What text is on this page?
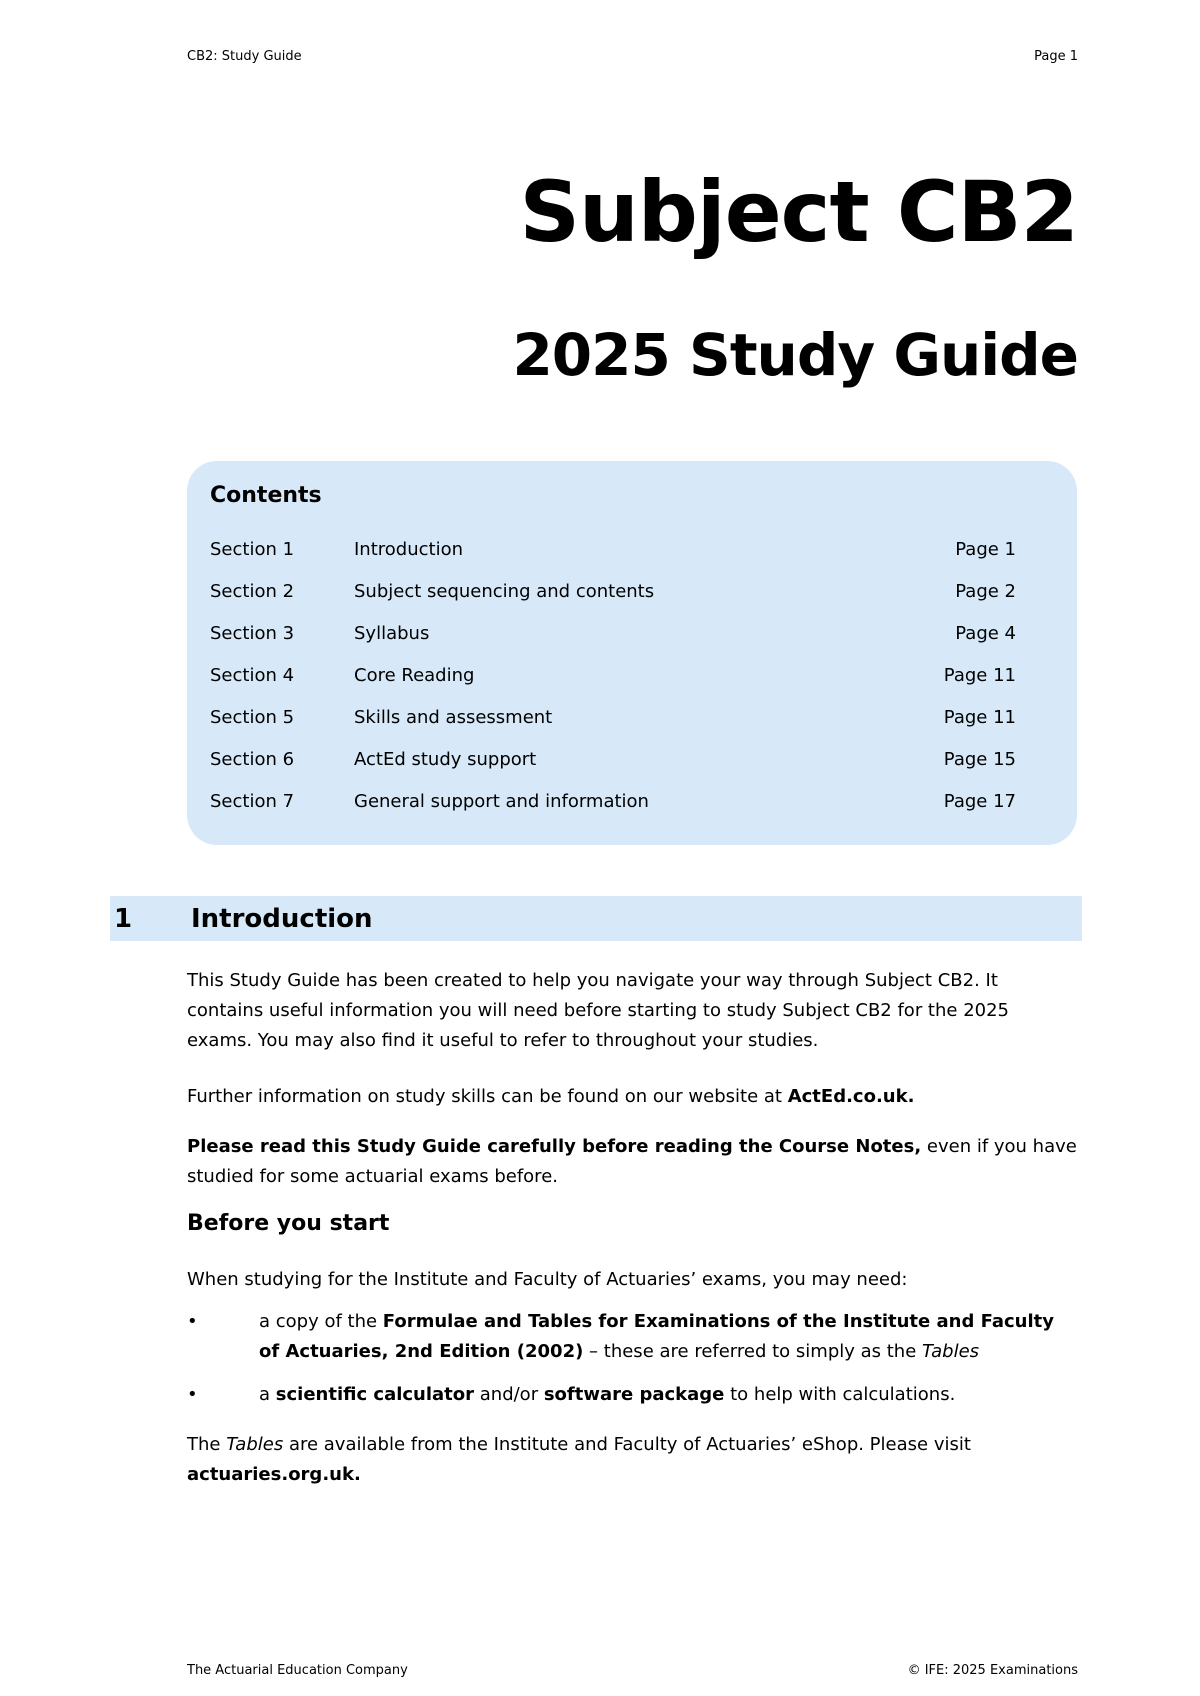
CB2: Study Guide	Page 1
Subject CB2
2025 Study Guide
Contents
Section 1	Introduction	Page 1
Section 2	Subject sequencing and contents	Page 2
Section 3	Syllabus	Page 4
Section 4	Core Reading	Page 11
Section 5	Skills and assessment	Page 11
Section 6	ActEd study support	Page 15
Section 7	General support and information	Page 17
1	Introduction
This Study Guide has been created to help you navigate your way through Subject CB2. It contains useful information you will need before starting to study Subject CB2 for the 2025 exams. You may also find it useful to refer to throughout your studies.
Further information on study skills can be found on our website at ActEd.co.uk.
Please read this Study Guide carefully before reading the Course Notes, even if you have studied for some actuarial exams before.
Before you start
When studying for the Institute and Faculty of Actuaries’ exams, you may need:
•	a copy of the Formulae and Tables for Examinations of the Institute and Faculty of Actuaries, 2nd Edition (2002) – these are referred to simply as the Tables
•	a scientific calculator and/or software package to help with calculations.
The Tables are available from the Institute and Faculty of Actuaries’ eShop. Please visit actuaries.org.uk.
The Actuarial Education Company	© IFE: 2025 Examinations
